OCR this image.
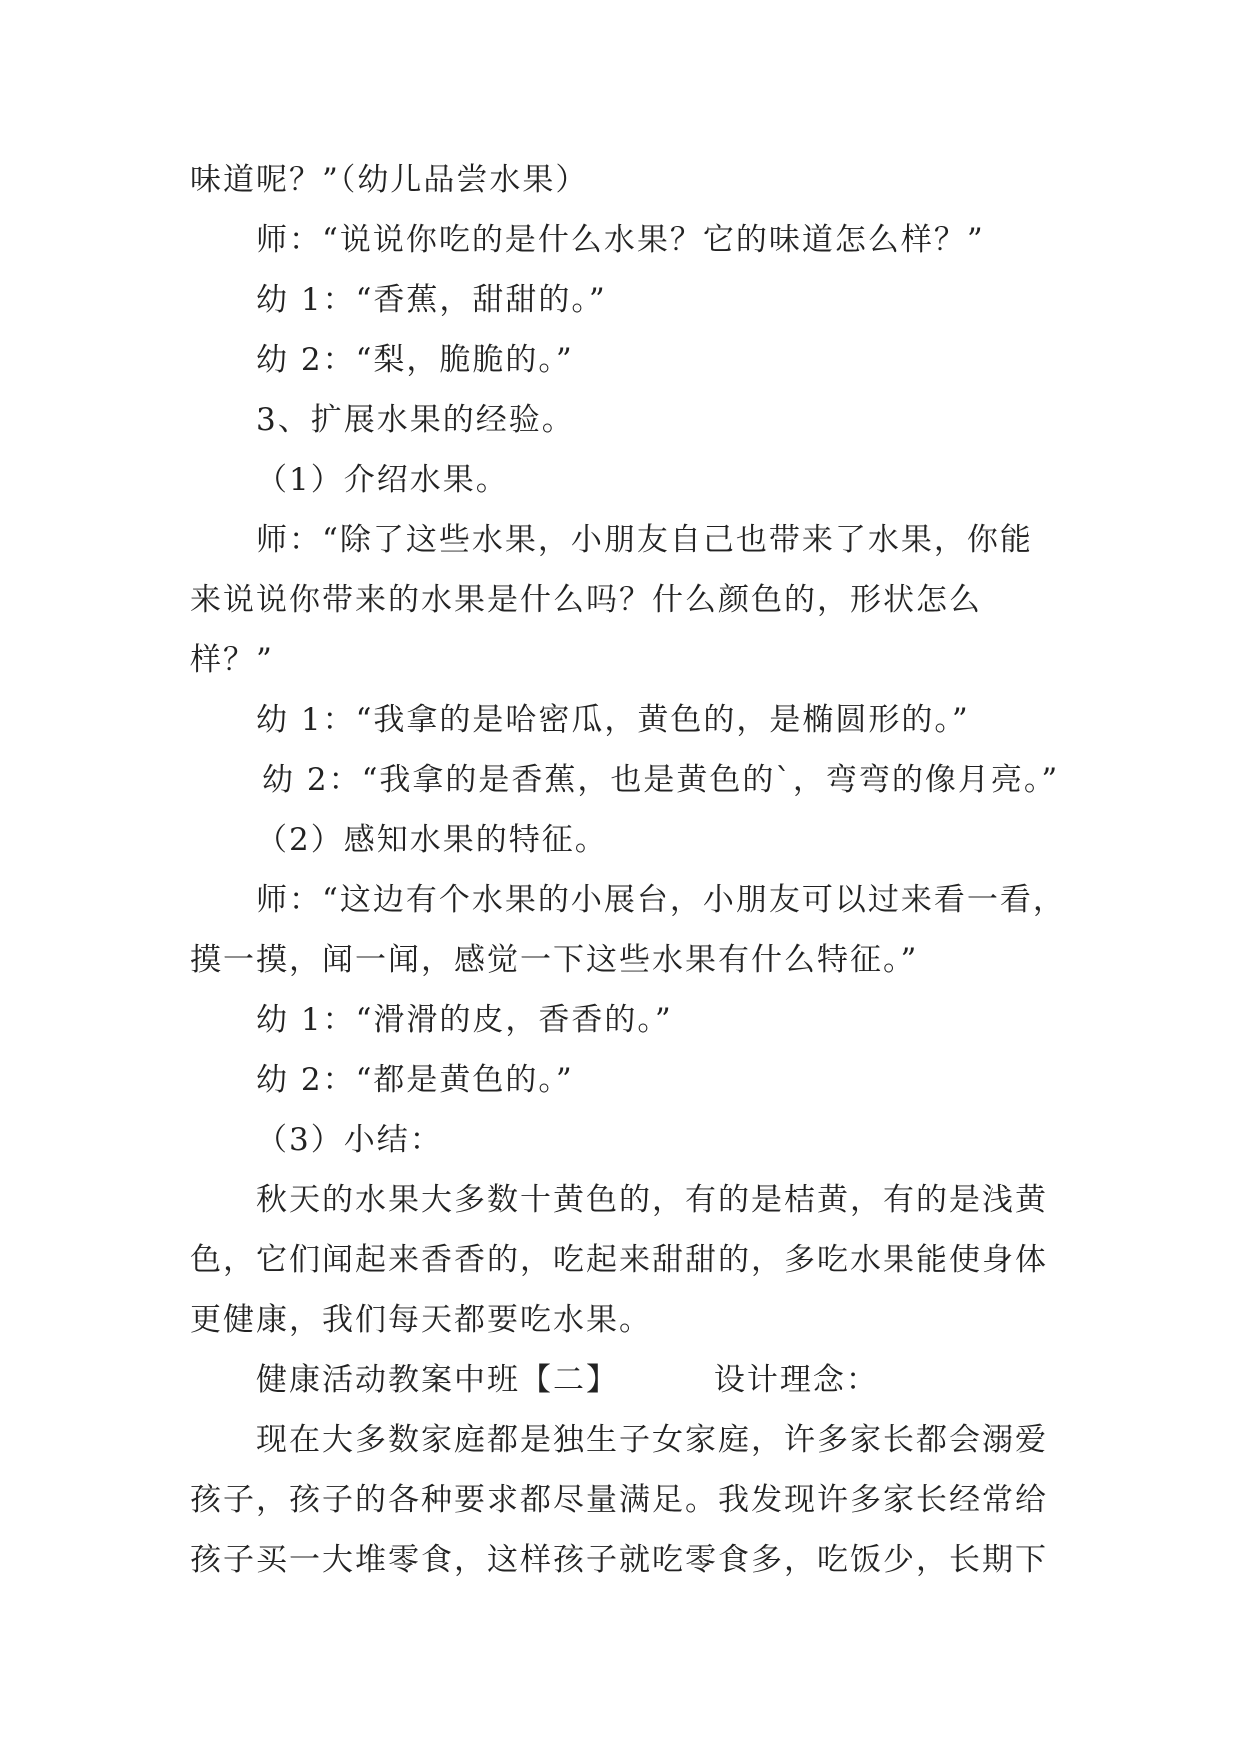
味道呢？”（幼儿品尝水果）
师：“说说你吃的是什么水果？它的味道怎么样？”
幼 1：“香蕉，甜甜的。”
幼 2：“梨，脆脆的。”
3、扩展水果的经验。
（1）介绍水果。
师：“除了这些水果，小朋友自己也带来了水果，你能
来说说你带来的水果是什么吗？什么颜色的，形状怎么
样？”
幼 1：“我拿的是哈密瓜，黄色的，是椭圆形的。”
幼 2：“我拿的是香蕉，也是黄色的`，弯弯的像月亮。”
（2）感知水果的特征。
师：“这边有个水果的小展台，小朋友可以过来看一看，
摸一摸，闻一闻，感觉一下这些水果有什么特征。”
幼 1：“滑滑的皮，香香的。”
幼 2：“都是黄色的。”
（3）小结：
秋天的水果大多数十黄色的，有的是桔黄，有的是浅黄
色，它们闻起来香香的，吃起来甜甜的，多吃水果能使身体
更健康，我们每天都要吃水果。
健康活动教案中班【二】        设计理念：
现在大多数家庭都是独生子女家庭，许多家长都会溺爱
孩子，孩子的各种要求都尽量满足。我发现许多家长经常给
孩子买一大堆零食，这样孩子就吃零食多，吃饭少，长期下
